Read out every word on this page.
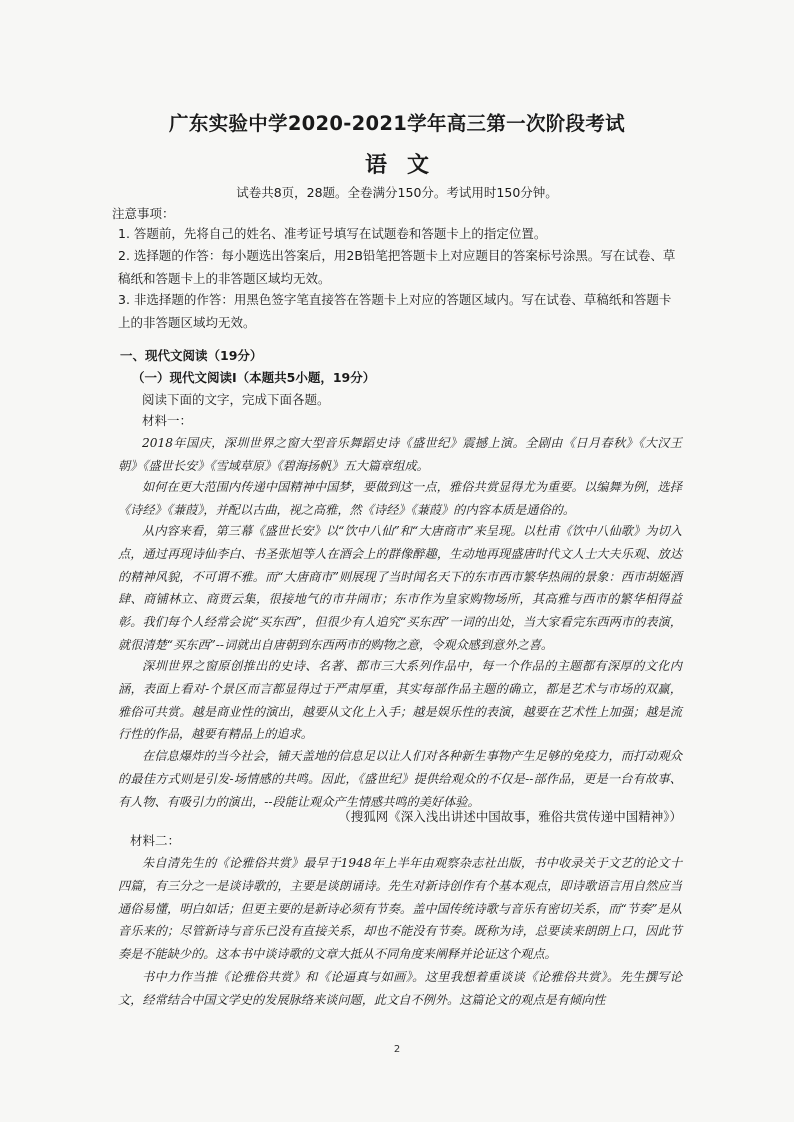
广东实验中学2020-2021学年高三第一次阶段考试
语文
试卷共8页，28题。全卷满分150分。考试用时150分钟。
注意事项：

1. 答题前，先将自己的姓名、准考证号填写在试题卷和答题卡上的指定位置。

2. 选择题的作答：每小题选出答案后，用2B铅笔把答题卡上对应题目的答案标号涂黑。写在试卷、草稿纸和答题卡上的非答题区域均无效。

3. 非选择题的作答：用黑色签字笔直接答在答题卡上对应的答题区域内。写在试卷、草稿纸和答题卡上的非答题区域均无效。

一、现代文阅读（19分）
（一）现代文阅读Ⅰ（本题共5小题，19分）
阅读下面的文字，完成下面各题。
材料一：

2018年国庆，深圳世界之窗大型音乐舞蹈史诗《盛世纪》震撼上演。全剧由《日月春秋》《大汉王朝》《盛世长安》《雪域草原》《碧海扬帆》五大篇章组成。

如何在更大范围内传递中国精神中国梦，要做到这一点，雅俗共赏显得尤为重要。以编舞为例，选择《诗经》《蒹葭》，并配以古曲，视之高雅，然《诗经》《蒹葭》的内容本质是通俗的。

从内容来看，第三幕《盛世长安》以“饮中八仙”和“大唐商市”来呈现。以杜甫《饮中八仙歌》为切入点，通过再现诗仙李白、书圣张旭等人在酒会上的群像醉趣，生动地再现盛唐时代文人士大夫乐观、放达的精神风貌，不可谓不雅。而“大唐商市”则展现了当时闻名天下的东市西市繁华热闹的景象：西市胡姬酒肆、商铺林立、商贾云集，很接地气的市井闹市；东市作为皇家购物场所，其高雅与西市的繁华相得益彰。我们每个人经常会说“买东西”，但很少有人追究“买东西”一词的出处，当大家看完东西两市的表演，就很清楚“买东西”--词就出自唐朝到东西两市的购物之意，令观众感到意外之喜。

深圳世界之窗原创推出的史诗、名著、都市三大系列作品中，每一个作品的主题都有深厚的文化内涵，表面上看对-个景区而言都显得过于严肃厚重，其实每部作品主题的确立，都是艺术与市场的双赢，雅俗可共赏。越是商业性的演出，越要从文化上入手；越是娱乐性的表演，越要在艺术性上加强；越是流行性的作品，越要有精品上的追求。

在信息爆炸的当今社会，铺天盖地的信息足以让人们对各种新生事物产生足够的免疫力，而打动观众的最佳方式则是引发-场情感的共鸣。因此，《盛世纪》提供给观众的不仅是--部作品，更是一台有故事、有人物、有吸引力的演出，--段能让观众产生情感共鸣的美好体验。

（搜狐网《深入浅出讲述中国故事，雅俗共赏传递中国精神》）
材料二：

朱自清先生的《论雅俗共赏》最早于1948年上半年由观察杂志社出版，书中收录关于文艺的论文十四篇，有三分之一是谈诗歌的，主要是谈朗诵诗。先生对新诗创作有个基本观点，即诗歌语言用自然应当通俗易懂，明白如话；但更主要的是新诗必须有节奏。盖中国传统诗歌与音乐有密切关系，而“节奏”是从音乐来的；尽管新诗与音乐已没有直接关系，却也不能没有节奏。既称为诗，总要读来朗朗上口，因此节奏是不能缺少的。这本书中谈诗歌的文章大抵从不同角度来阐释并论证这个观点。

书中力作当推《论雅俗共赏》和《论逼真与如画》。这里我想着重谈谈《论雅俗共赏》。先生撰写论文，经常结合中国文学史的发展脉络来谈问题，此文自不例外。这篇论文的观点是有倾向性

2
